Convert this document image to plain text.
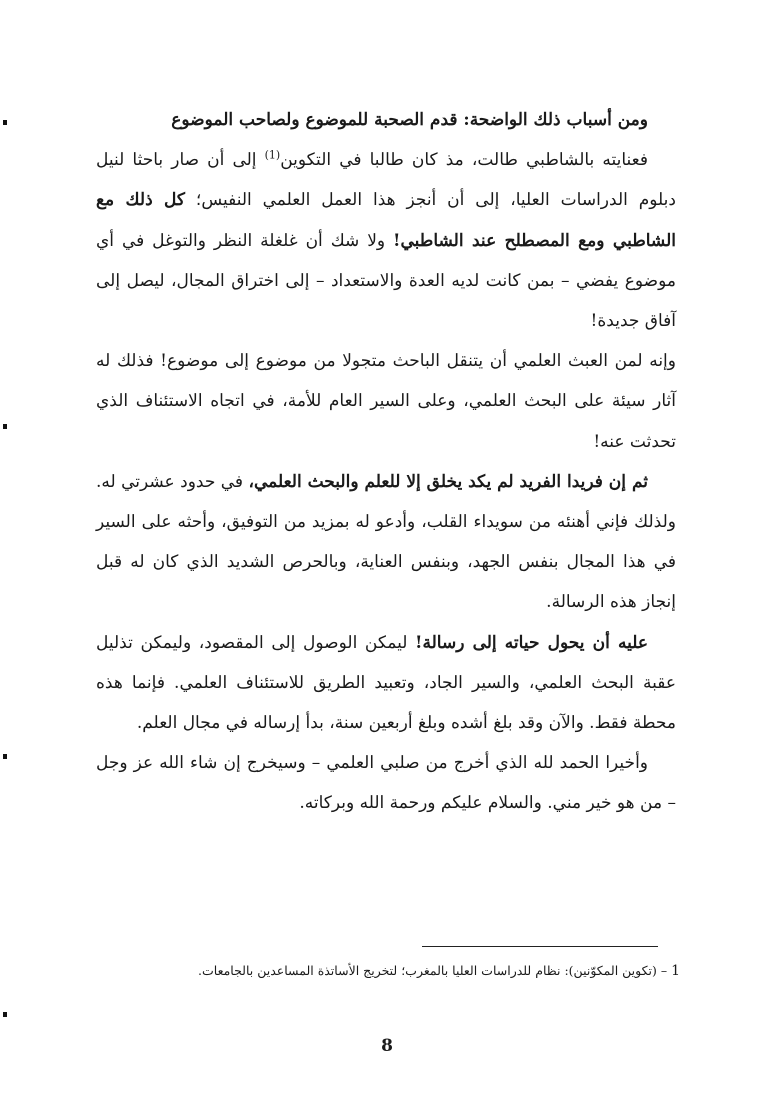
ومن أسباب ذلك الواضحة: قدم الصحبة للموضوع ولصاحب الموضوع

فعنايته بالشاطبي طالت، مذ كان طالبا في التكوين$^{(1)}$ إلى أن صار باحثا لنيل دبلوم الدراسات العليا، إلى أن أنجز هذا العمل العلمي النفيس؛ كل ذلك مع الشاطبي ومع المصطلح عند الشاطبي! ولا شك أن غلغلة النظر والتوغل في أي موضوع يفضي – بمن كانت لديه العدة والاستعداد – إلى اختراق المجال، ليصل إلى آفاق جديدة!

وإنه لمن العبث العلمي أن يتنقل الباحث متجولا من موضوع إلى موضوع! فذلك له آثار سيئة على البحث العلمي، وعلى السير العام للأمة، في اتجاه الاستئناف الذي تحدثت عنه!

ثم إن فريدا الفريد لم يكد يخلق إلا للعلم والبحث العلمي، في حدود عشرتي له. ولذلك فإني أهنئه من سويداء القلب، وأدعو له بمزيد من التوفيق، وأحثه على السير في هذا المجال بنفس الجهد، وبنفس العناية، وبالحرص الشديد الذي كان له قبل إنجاز هذه الرسالة.

عليه أن يحول حياته إلى رسالة! ليمكن الوصول إلى المقصود، وليمكن تذليل عقبة البحث العلمي، والسير الجاد، وتعبيد الطريق للاستئناف العلمي. فإنما هذه محطة فقط. والآن وقد بلغ أشده وبلغ أربعين سنة، بدأ إرساله في مجال العلم.

وأخيرا الحمد لله الذي أخرج من صلبي العلمي – وسيخرج إن شاء الله عز وجل – من هو خير مني. والسلام عليكم ورحمة الله وبركاته.

1 – (تكوين المكوّنين): نظام للدراسات العليا بالمغرب؛ لتخريج الأساتذة المساعدين بالجامعات.
8
